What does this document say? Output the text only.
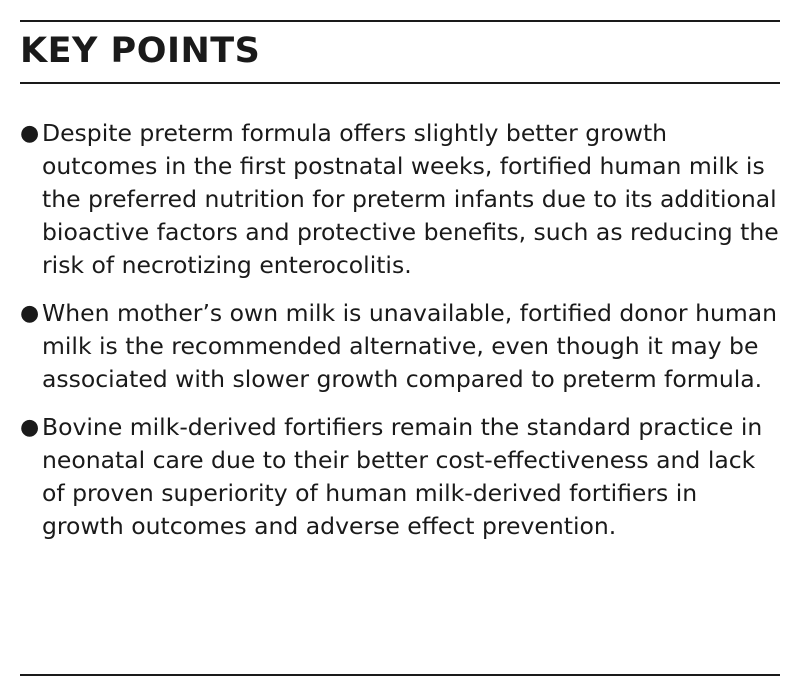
KEY POINTS
● Despite preterm formula offers slightly better growth outcomes in the first postnatal weeks, fortified human milk is the preferred nutrition for preterm infants due to its additional bioactive factors and protective benefits, such as reducing the risk of necrotizing enterocolitis.
● When mother’s own milk is unavailable, fortified donor human milk is the recommended alternative, even though it may be associated with slower growth compared to preterm formula.
● Bovine milk-derived fortifiers remain the standard practice in neonatal care due to their better cost-effectiveness and lack of proven superiority of human milk-derived fortifiers in growth outcomes and adverse effect prevention.
